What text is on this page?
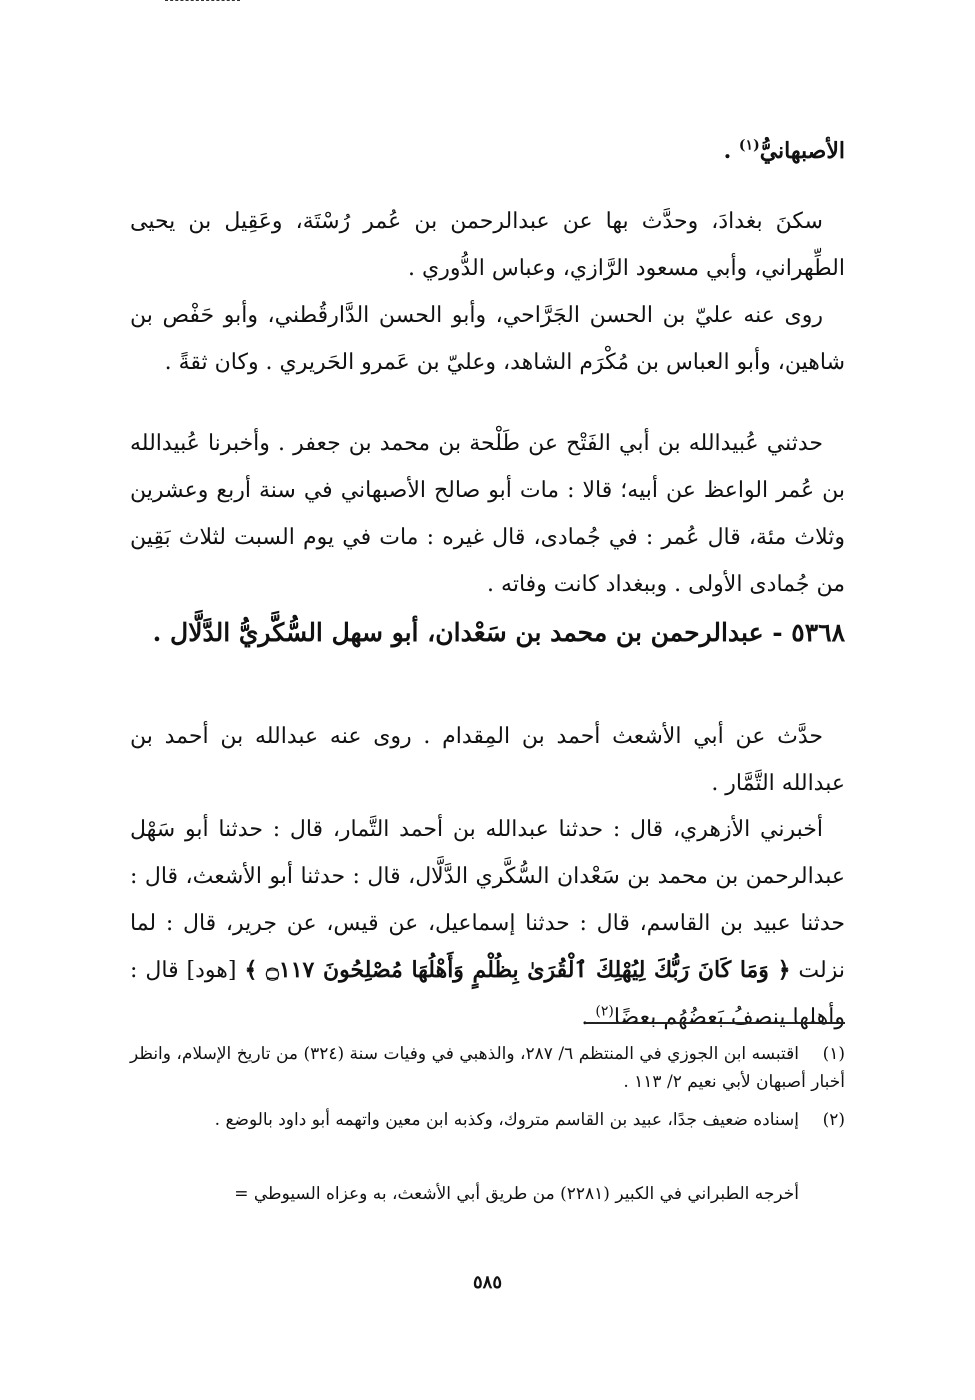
الأصبهانيُّ$^{(١)}$ .

سكنَ بغدادَ، وحدَّث بها عن عبدالرحمن بن عُمر رُسْتَة، وعَقِيل بن يحيى الطِّهراني، وأبي مسعود الرَّازي، وعباس الدُّوري .

روى عنه عليّ بن الحسن الجَرَّاحي، وأبو الحسن الدَّارقُطني، وأبو حَفْص بن شاهين، وأبو العباس بن مُكْرَم الشاهد، وعليّ بن عَمرو الحَريري . وكان ثقةً .

حدثني عُبيدالله بن أبي الفَتْح عن طَلْحة بن محمد بن جعفر . وأخبرنا عُبيدالله بن عُمر الواعظ عن أبيه؛ قالا : مات أبو صالح الأصبهاني في سنة أربع وعشرين وثلاث مئة، قال عُمر : في جُمادى، قال غيره : مات في يوم السبت لثلاث بَقِين من جُمادى الأولى . وببغداد كانت وفاته .

٥٣٦٨ - عبدالرحمن بن محمد بن سَعْدان، أبو سهل السُّكَّريُّ الدَّلَّال .

حدَّث عن أبي الأشعث أحمد بن المِقدام . روى عنه عبدالله بن أحمد بن عبدالله التَّمَّار .

أخبرني الأزهري، قال : حدثنا عبدالله بن أحمد التَّمار، قال : حدثنا أبو سَهْل عبدالرحمن بن محمد بن سَعْدان السُّكَّري الدَّلَّال، قال : حدثنا أبو الأشعث، قال : حدثنا عبيد بن القاسم، قال : حدثنا إسماعيل، عن قيس، عن جرير، قال : لما نزلت ﴿ وَمَا كَانَ رَبُّكَ لِيُهْلِكَ ٱلْقُرَىٰ بِظُلْمٍ وَأَهْلُهَا مُصْلِحُونَ ۝١١٧ ﴾ [هود] قال : وأهلها ينصفُ بَعضُهُم بعضًا$^{(٢)}$ .

(١)اقتبسه ابن الجوزي في المنتظم ٦/ ٢٨٧، والذهبي في وفيات سنة (٣٢٤) من تاريخ الإسلام، وانظر أخبار أصبهان لأبي نعيم ٢/ ١١٣ .
(٢)إسناده ضعيف جدًا، عبيد بن القاسم متروك، وكذبه ابن معين واتهمه أبو داود بالوضع .
أخرجه الطبراني في الكبير (٢٢٨١) من طريق أبي الأشعث، به وعزاه السيوطي =
٥٨٥
